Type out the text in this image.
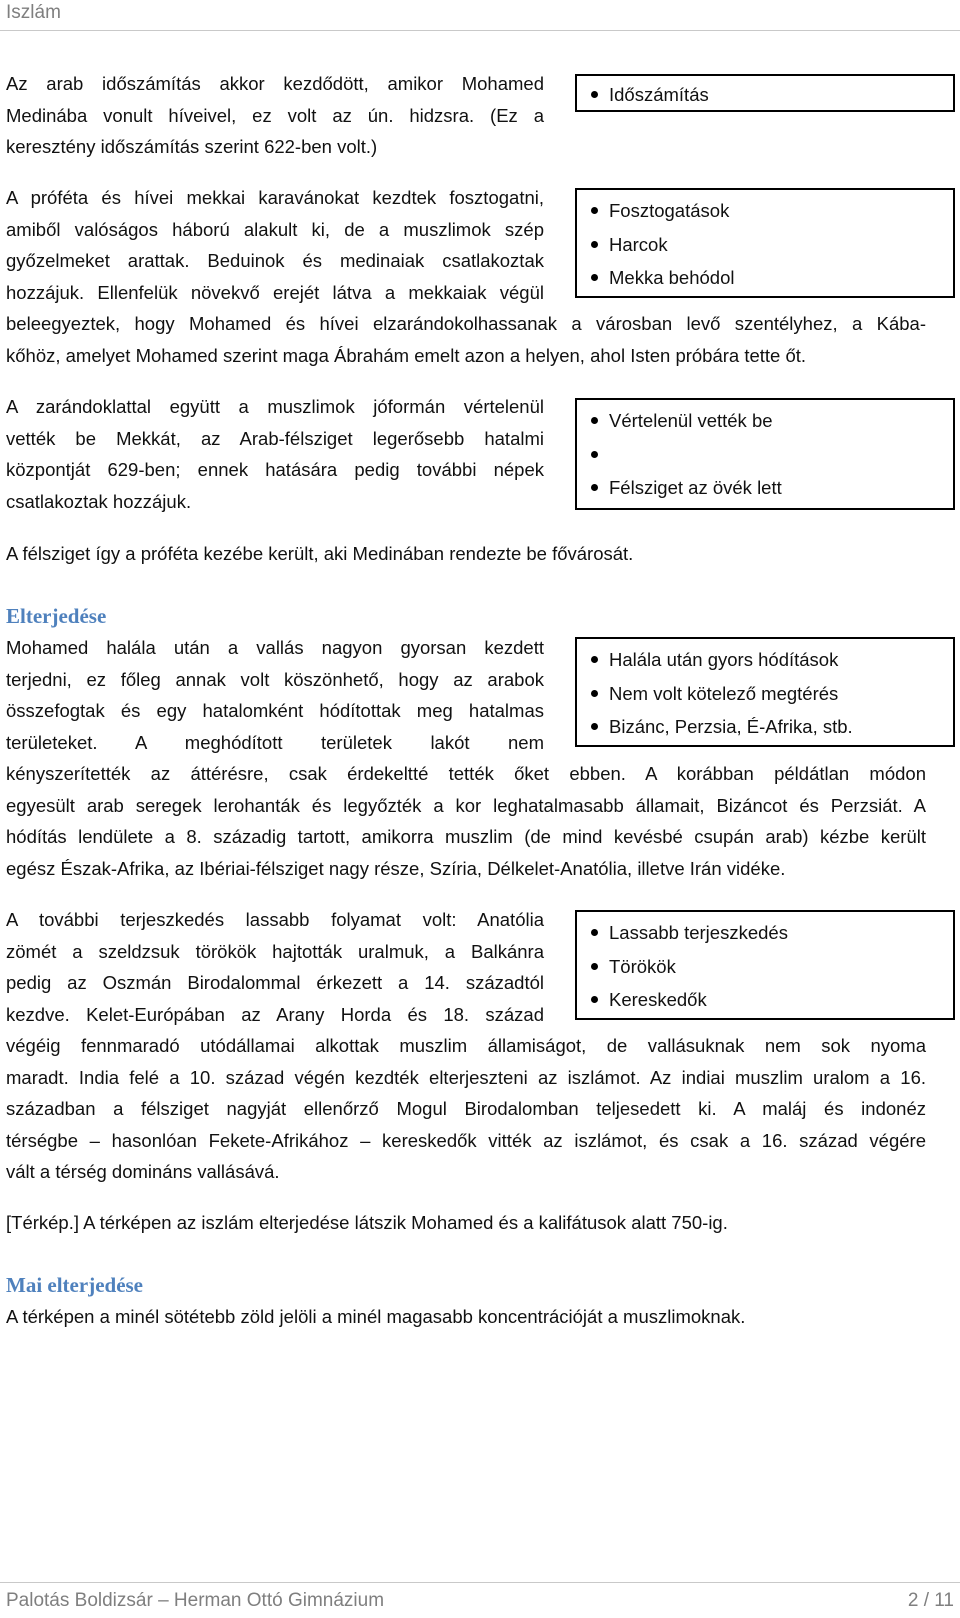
Iszlám
Az arab időszámítás akkor kezdődött, amikor Mohamed
Medinába vonult híveivel, ez volt az ún. hidzsra. (Ez a
keresztény időszámítás szerint 622-ben volt.)
Időszámítás
A próféta és hívei mekkai karavánokat kezdtek fosztogatni,
amiből valóságos háború alakult ki, de a muszlimok szép
győzelmeket arattak. Beduinok és medinaiak csatlakoztak
hozzájuk. Ellenfelük növekvő erejét látva a mekkaiak végül
beleegyeztek, hogy Mohamed és hívei elzarándokolhassanak a városban levő szentélyhez, a Kába-
kőhöz, amelyet Mohamed szerint maga Ábrahám emelt azon a helyen, ahol Isten próbára tette őt.
Fosztogatások
Harcok
Mekka behódol
A zarándoklattal együtt a muszlimok jóformán vértelenül
vették be Mekkát, az Arab-félsziget legerősebb hatalmi
központját 629-ben; ennek hatására pedig további népek
csatlakoztak hozzájuk.
Vértelenül vették be
Félsziget az övék lett
A félsziget így a próféta kezébe került, aki Medinában rendezte be fővárosát.
Elterjedése
Mohamed halála után a vallás nagyon gyorsan kezdett
terjedni, ez főleg annak volt köszönhető, hogy az arabok
összefogtak és egy hatalomként hódítottak meg hatalmas
területeket. A meghódított területek lakót nem
kényszerítették az áttérésre, csak érdekeltté tették őket ebben. A korábban példátlan módon
egyesült arab seregek lerohanták és legyőzték a kor leghatalmasabb államait, Bizáncot és Perzsiát. A
hódítás lendülete a 8. századig tartott, amikorra muszlim (de mind kevésbé csupán arab) kézbe került
egész Észak-Afrika, az Ibériai-félsziget nagy része, Szíria, Délkelet-Anatólia, illetve Irán vidéke.
Halála után gyors hódítások
Nem volt kötelező megtérés
Bizánc, Perzsia, É-Afrika, stb.
A további terjeszkedés lassabb folyamat volt: Anatólia
zömét a szeldzsuk törökök hajtották uralmuk, a Balkánra
pedig az Oszmán Birodalommal érkezett a 14. századtól
kezdve. Kelet-Európában az Arany Horda és 18. század
végéig fennmaradó utódállamai alkottak muszlim államiságot, de vallásuknak nem sok nyoma
maradt. India felé a 10. század végén kezdték elterjeszteni az iszlámot. Az indiai muszlim uralom a 16.
században a félsziget nagyját ellenőrző Mogul Birodalomban teljesedett ki. A maláj és indonéz
térségbe – hasonlóan Fekete-Afrikához – kereskedők vitték az iszlámot, és csak a 16. század végére
vált a térség domináns vallásává.
Lassabb terjeszkedés
Törökök
Kereskedők
[Térkép.] A térképen az iszlám elterjedése látszik Mohamed és a kalifátusok alatt 750-ig.
Mai elterjedése
A térképen a minél sötétebb zöld jelöli a minél magasabb koncentrációját a muszlimoknak.
Palotás Boldizsár – Herman Ottó Gimnázium	2 / 11
